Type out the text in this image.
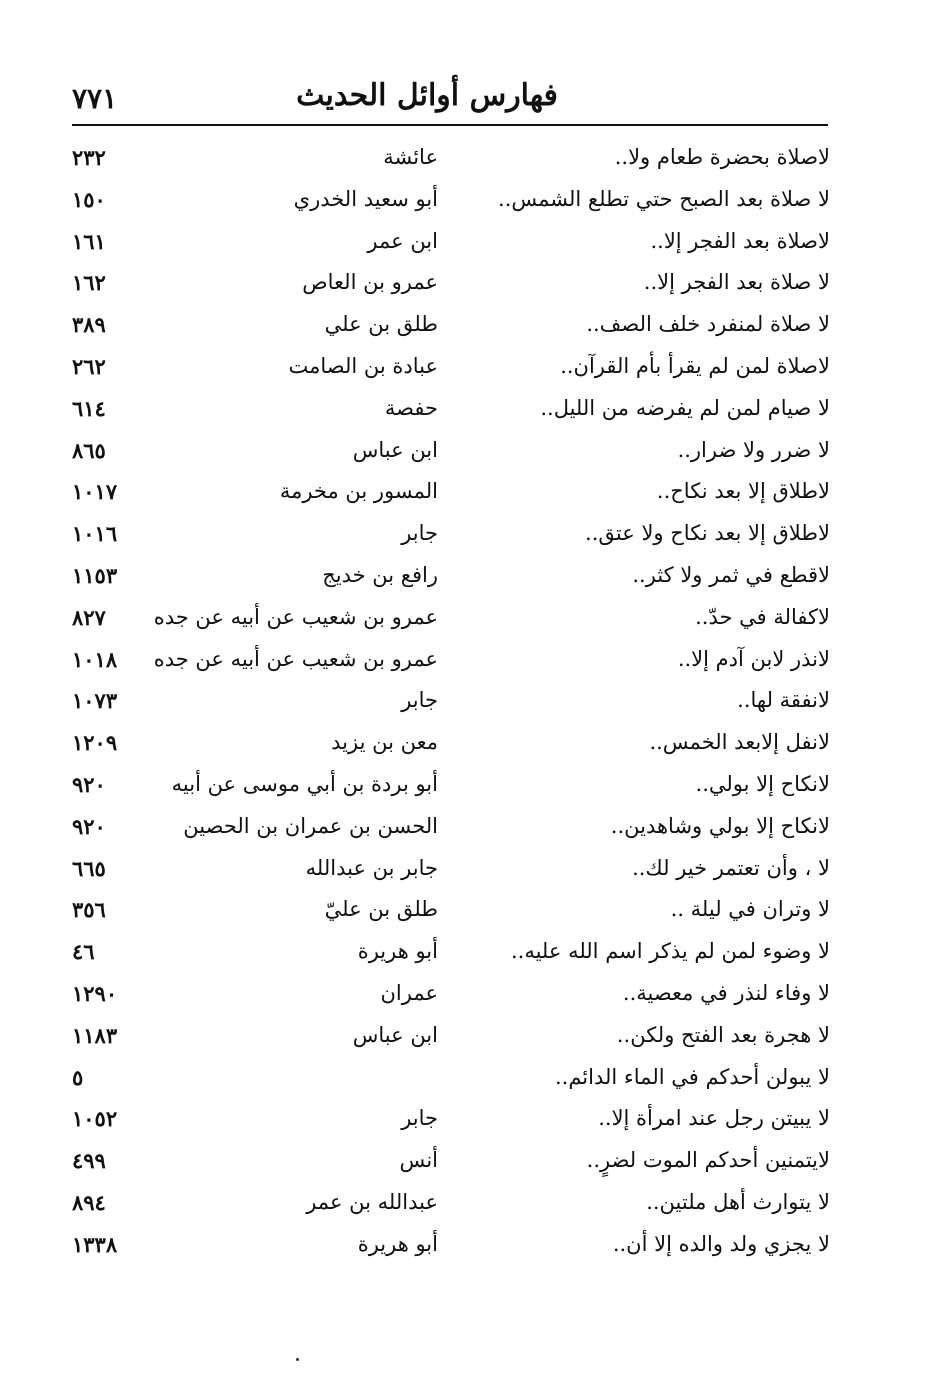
٧٧١	فهارس أوائل الحديث
لاصلاة بحضرة طعام ولا..
عائشة
٢٣٢
لا صلاة بعد الصبح حتي تطلع الشمس..
أبو سعيد الخدري
١٥٠
لاصلاة بعد الفجر إلا..
ابن عمر
١٦١
لا صلاة بعد الفجر إلا..
عمرو بن العاص
١٦٢
لا صلاة لمنفرد خلف الصف..
طلق بن علي
٣٨٩
لاصلاة لمن لم يقرأ بأم القرآن..
عبادة بن الصامت
٢٦٢
لا صيام لمن لم يفرضه من الليل..
حفصة
٦١٤
لا ضرر ولا ضرار..
ابن عباس
٨٦٥
لاطلاق إلا بعد نكاح..
المسور بن مخرمة
١٠١٧
لاطلاق إلا بعد نكاح ولا عتق..
جابر
١٠١٦
لاقطع في ثمر ولا كثر..
رافع بن خديج
١١٥٣
لاكفالة في حدّ..
عمرو بن شعيب عن أبيه عن جده
٨٢٧
لانذر لابن آدم إلا..
عمرو بن شعيب عن أبيه عن جده
١٠١٨
لانفقة لها..
جابر
١٠٧٣
لانفل إلابعد الخمس..
معن بن يزيد
١٢٠٩
لانكاح إلا بولي..
أبو بردة بن أبي موسى عن أبيه
٩٢٠
لانكاح إلا بولي وشاهدين..
الحسن بن عمران بن الحصين
٩٢٠
لا ، وأن تعتمر خير لك..
جابر بن عبدالله
٦٦٥
لا وتران في ليلة ..
طلق بن عليّ
٣٥٦
لا وضوء لمن لم يذكر اسم الله عليه..
أبو هريرة
٤٦
لا وفاء لنذر في معصية..
عمران
١٢٩٠
لا هجرة بعد الفتح ولكن..
ابن عباس
١١٨٣
لا يبولن أحدكم في الماء الدائم..
٥
لا يبيتن رجل عند امرأة إلا..
جابر
١٠٥٢
لايتمنين أحدكم الموت لضرٍ..
أنس
٤٩٩
لا يتوارث أهل ملتين..
عبدالله بن عمر
٨٩٤
لا يجزي ولد والده إلا أن..
أبو هريرة
١٣٣٨
